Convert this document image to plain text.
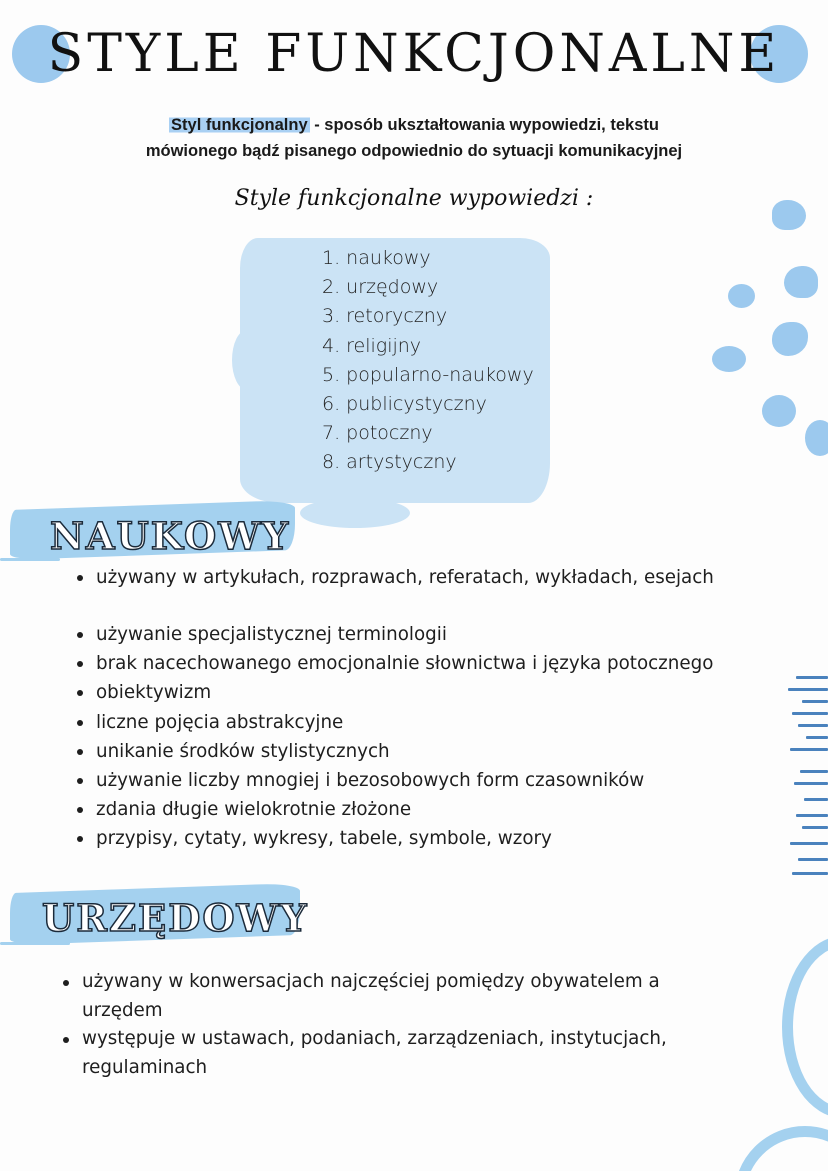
STYLE FUNKCJONALNE
Styl funkcjonalny - sposób ukształtowania wypowiedzi, tekstu
mówionego bądź pisanego odpowiednio do sytuacji komunikacyjnej
Style funkcjonalne wypowiedzi :
1. naukowy
2. urzędowy
3. retoryczny
4. religijny
5. popularno-naukowy
6. publicystyczny
7. potoczny
8. artystyczny
NAUKOWY
używany w artykułach, rozprawach, referatach, wykładach, esejach
używanie specjalistycznej terminologii
brak nacechowanego emocjonalnie słownictwa i języka potocznego
obiektywizm
liczne pojęcia abstrakcyjne
unikanie środków stylistycznych
używanie liczby mnogiej i bezosobowych form czasowników
zdania długie wielokrotnie złożone
przypisy, cytaty, wykresy, tabele, symbole, wzory
URZĘDOWY
używany w konwersacjach najczęściej pomiędzy obywatelem a
urzędem
występuje w ustawach, podaniach, zarządzeniach, instytucjach,
regulaminach
